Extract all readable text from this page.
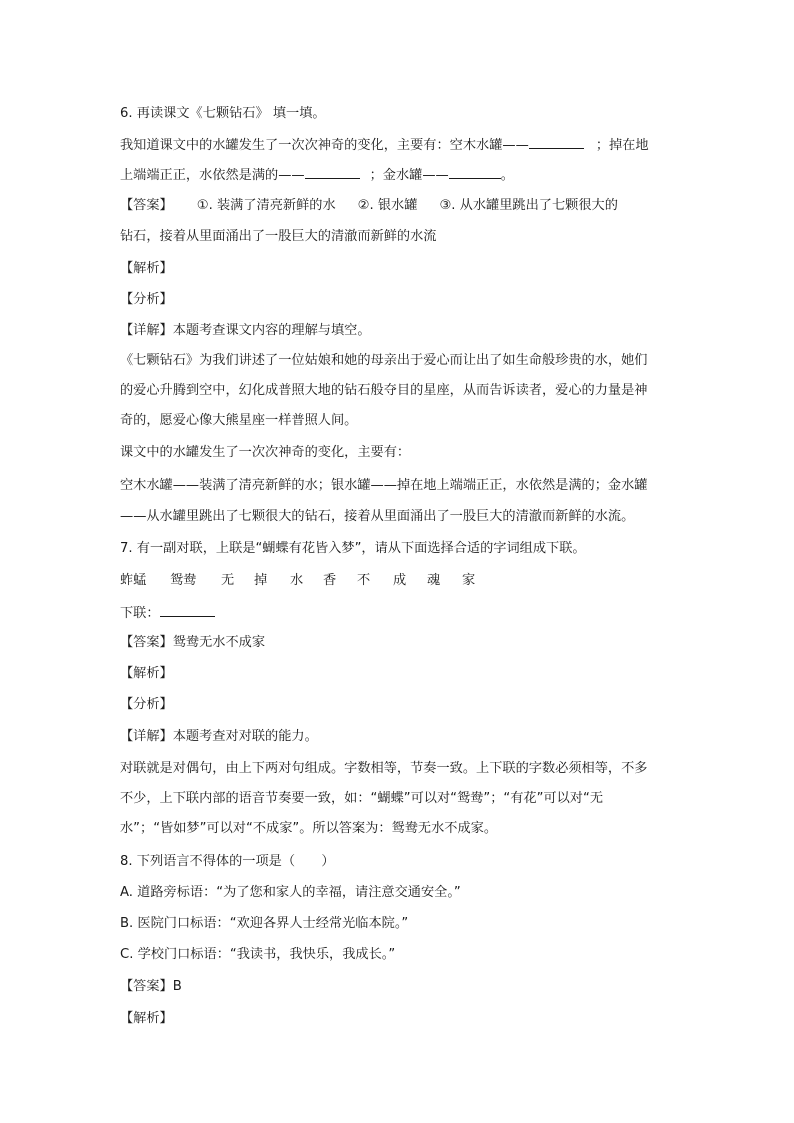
6. 再读课文《七颗钻石》 填一填。
我知道课文中的水罐发生了一次次神奇的变化，主要有：空木水罐——	；掉在地
上端端正正，水依然是满的——	；金水罐——	。
【答案】 ①. 装满了清亮新鲜的水 ②. 银水罐 ③. 从水罐里跳出了七颗很大的
钻石，接着从里面涌出了一股巨大的清澈而新鲜的水流
【解析】
【分析】
【详解】本题考查课文内容的理解与填空。
《七颗钻石》为我们讲述了一位姑娘和她的母亲出于爱心而让出了如生命般珍贵的水，她们
的爱心升腾到空中，幻化成普照大地的钻石般夺目的星座，从而告诉读者，爱心的力量是神
奇的，愿爱心像大熊星座一样普照人间。
课文中的水罐发生了一次次神奇的变化，主要有：
空木水罐——装满了清亮新鲜的水；银水罐——掉在地上端端正正，水依然是满的；金水罐
——从水罐里跳出了七颗很大的钻石，接着从里面涌出了一股巨大的清澈而新鲜的水流。
7. 有一副对联，上联是“蝴蝶有花皆入梦”，请从下面选择合适的字词组成下联。
蚱蜢 鸳鸯 无 掉 水 香 不 成 魂 家
下联：
【答案】鸳鸯无水不成家
【解析】
【分析】
【详解】本题考查对对联的能力。
对联就是对偶句，由上下两对句组成。字数相等，节奏一致。上下联的字数必须相等，不多
不少，上下联内部的语音节奏要一致，如：“蝴蝶”可以对“鸳鸯”；“有花”可以对“无
水”；“皆如梦”可以对“不成家”。所以答案为：鸳鸯无水不成家。
8. 下列语言不得体的一项是（　　）
A. 道路旁标语：“为了您和家人的幸福，请注意交通安全。”
B. 医院门口标语：“欢迎各界人士经常光临本院。”
C. 学校门口标语：“我读书，我快乐，我成长。”
【答案】B
【解析】
